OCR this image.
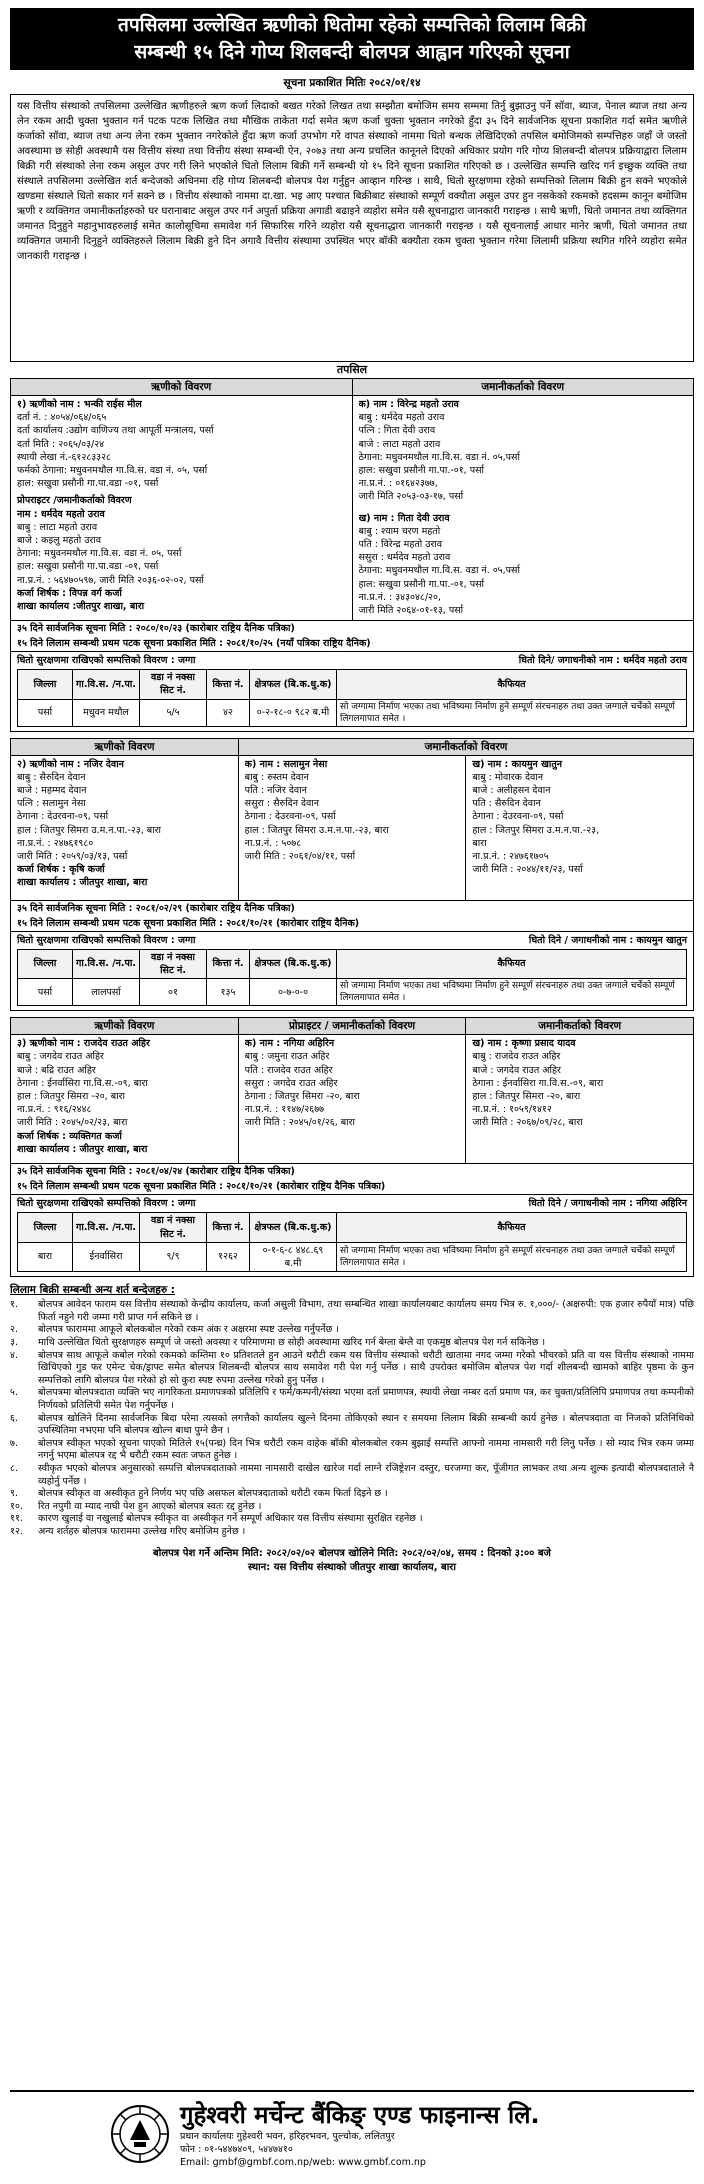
तपसिलमा उल्लेखित ऋणीको धितोमा रहेको सम्पत्तिको लिलाम बिक्री
सम्बन्धी १५ दिने गोप्य शिलबन्दी बोलपत्र आह्वान गरिएको सूचना
सूचना प्रकाशित मितिः २०८२/०१/१४
यस वित्तीय संस्थाको तपसिलमा उल्लेखित ऋणीहरुले ऋण कर्जा लिदाको बखत गरेको लिखत तथा सम्झौता बमोजिम समय सम्ममा तिर्नु बुझाउनु पर्ने सॉवा, ब्याज, पेनाल ब्याज तथा अन्य लेन रकम आदी चुक्ता भुक्तान गर्न पटक पटक लिखित तथा मौखिक ताकेता गर्दा समेत ऋण कर्जा चुक्ता भुक्तान नगरेको हुँदा ३५ दिने सार्वजनिक सूचना प्रकाशित गर्दा समेत ऋणीले कर्जाको सॉवा, ब्याज तथा अन्य लेना रकम भुक्तान नगरेकोले हुँदा ऋण कर्जा उपभोग गरे वापत संस्थाको नाममा धितो बन्धक लेखिदिएको तपसिल बमोजिमको सम्पत्तिहरु जहाँ जे जस्तो अवस्थामा छ सोही अवस्थामै यस वित्तीय संस्था तथा वित्तीय संस्था सम्बन्धी ऐन, २०७३ तथा अन्य प्रचलित कानूनले दिएको अधिकार प्रयोग गरि गोप्य शिलबन्दी बोलपत्र प्रक्रियाद्वारा लिलाम बिक्री गरी संस्थाको लेना रकम असुल उपर गरी लिने भएकोले धितो लिलाम बिक्री गर्ने सम्बन्धी यो १५ दिने सूचना प्रकाशित गरिएको छ । उल्लेखित सम्पत्ति खरिद गर्न इच्छुक व्यक्ति तथा संस्थाले तपसिलमा उल्लेखित शर्त बन्देजको अधिनमा रहि गोप्य शिलबन्दी बोलपत्र पेश गर्नुहुन आव्हान गरिन्छ । साथै, धितो सुरक्षणमा रहेको सम्पत्तिको लिलाम बिक्री हुन सक्ने भएकोले खण्डमा संस्थाले धितो सकार गर्न सक्ने छ । वित्तीय संस्थाको नाममा दा.खा. भइ आए पश्चात बिक्रीबाट संस्थाको सम्पूर्ण वक्यौता असुल उपर हुन नसकेको रकमको हदसम्म कानून बमोजिम ऋणी र व्यक्तिगत जमानीकर्ताहरुको घर घरानाबाट असुल उपर गर्न अपुर्ता प्रक्रिया अगाडी बढाइने व्यहोरा समेत यसै सूचनाद्वारा जानकारी गराइन्छ । साथै ऋणी, धितो जमानत तथा व्यक्तिगत जमानत दिनुहुने महानुभावहरुलाई समेत कालोसूचिमा समावेश गर्न सिफारिस गरिने व्यहोरा यसै सूचनाद्धारा जानकारी गराइन्छ । यसै सूचनालाई आधार मानेर ऋणी, धितो जमानत तथा व्यक्तिगत जमानी दिनुहुने व्यक्तिहरुले लिलाम बिक्री हुने दिन अगावै वित्तीय संस्थामा उपस्थित भएर बॉकी बक्यौता रकम चुक्ता भुक्तान गरेमा लिलामी प्रक्रिया स्थगित गरिने व्यहोरा समेत जानकारी गराइन्छ ।
तपसिल
ऋणीको विवरण	जमानीकर्ताको विवरण
१) ऋणीको नाम : भन्की राईस मील
दर्ता नं. : ४०५४/०६४/०६५
दर्ता कार्यालय :उद्योग वाणिज्य तथा आपूर्ती मन्त्रालय, पर्सा
दर्ता मिति : २०६५/०३/२४
स्थायी लेखा नं.-६१२८३३२८
फर्मको ठेगाना: मधुवनमथौल गा.वि.स. वडा नं. ०५, पर्सा
हाल: सखुवा प्रसौनी गा.पा.वडा -०१, पर्सा
प्रोपराइटर /जमानीकर्ताको विवरण
नाम : धर्मदेव महतो उराव
बाबु : लाटा महतो उराव
बाजे : कइलु महतो उराव
ठेगाना: मधुवनमथौल गा.वि.स. वडा नं. ०५, पर्सा
हाल: सखुवा प्रसौनी गा.पा.वडा -०१, पर्सा
ना.प्र.नं. : ५६४७०५९७, जारी मिति २०३६-०२-०२, पर्सा
कर्जा शिर्षक : विपन्न वर्ग कर्जा
शाखा कार्यालय :जीतपुर शाखा, बारा
क) नाम : विरेन्द्र महतो उराव
बाबु : धर्मदेव महतो उराव
पत्नि : गिता देवी उराव
बाजे : लाटा महतो उराव
ठेगाना: मधुवनमथौल गा.वि.स. वडा नं. ०५,पर्सा
हाल: सखुवा प्रसौनी गा.पा.-०१, पर्सा
ना.प्र.नं. : ०१६४२३७७,
जारी मिति २०५३-०३-१७, पर्सा
ख) नाम : गिता देवी उराव
बाबु : श्याम चरण महतो
पति : विरेन्द्र महतो उराव
ससुरा : धर्मदेव महतो उराव
ठेगाना: मधुवनमथौल गा.वि.स. वडा नं. ०५,पर्सा
हाल: सखुवा प्रसौनी गा.पा.-०१, पर्सा
ना.प्र.नं. : ३४३०४८/२०,
जारी मिति २०६४-०१-१३, पर्सा
३५ दिने सार्वजनिक सूचना मिति : २०८०/१०/२३ (कारोबार राष्ट्रिय दैनिक पत्रिका)
१५ दिने लिलाम सम्बन्धी प्रथम पटक सूचना प्रकाशित मिति : २०८१/१०/२५ (नयाँ पत्रिका राष्ट्रिय दैनिक)
धितो सुरक्षणमा राखिएको सम्पत्तिको विवरण : जग्गा	धितो दिने/ जगाधनीको नाम : धर्मदेव महतो उराव
जिल्ला	गा.वि.स. /न.पा.	वडा नं नक्सा सिट नं.	कित्ता नं.	क्षेत्रफल (बि.क.धु.क)	कैफियत
पर्सा	मधुवन मथौल	५/५	४२	०-२-१८-० ९८२ ब.मी	सो जग्गामा निर्माण भएका तथा भविष्यमा निर्माण हुने सम्पूर्ण संरचनाहरु तथा उक्त जग्गाले चर्चेको सम्पूर्ण लिगलगापात समेत ।
ऋणीको विवरण	जमानीकर्ताको विवरण
२) ऋणीको नाम : नजिर देवान
बाबु : सैरुदिन देवान
बाजे : महम्मद देवान
पत्नि : सलामुन नेसा
ठेगाना : देउरवना-०९, पर्सा
हाल : जितपुर सिमरा उ.म.न.पा.-२३, बारा
ना.प्र.नं. : २४७६१९८०
जारी मिति : २०५९/०३/१३, पर्सा
कर्जा शिर्षक : कृषि कर्जा
शाखा कार्यालय : जीतपुर शाखा, बारा
क) नाम : सलामुन नेसा
बाबु : रुस्तम देवान
पति : नजिर देवान
ससुरा : सैरुदिन देवान
ठेगाना : देउरवना-०९, पर्सा
हाल : जितपुर सिमरा उ.म.न.पा.-२३, बारा
ना.प्र.नं. : ५०७८
जारी मिति : २०६१/०४/११, पर्सा
ख) नाम : कायमुन खातुन
बाबु : मोवारक देवान
बाजे : अलीहसन देवान
पति : सैरुदिन देवान
ठेगाना : देउरवना-०९, पर्सा
हाल : जितपुर सिमरा उ.म.न.पा.-२३,
बारा
ना.प्र.नं. : २४७६१७०५
जारी मिति : २०४४/११/२३, पर्सा
३५ दिने सार्वजनिक सूचना मिति : २०८१/०२/२९ (कारोबार राष्ट्रिय दैनिक पत्रिका)
१५ दिने लिलाम सम्बन्धी प्रथम पटक सूचना प्रकाशित मिति : २०८१/१०/२१ (कारोबार राष्ट्रिय दैनिक)
धितो सुरक्षणमा राखिएको सम्पत्तिको विवरण : जग्गा	धितो दिने / जगाधनीको नाम : कायमुन खातुन
जिल्ला	गा.वि.स. /न.पा.	वडा नं नक्सा सिट नं.	कित्ता नं.	क्षेत्रफल (बि.क.धु.क)	कैफियत
पर्सा	लालपर्सा	०१	१३५	०-७-०-०	सो जग्गामा निर्माण भएका तथा भविष्यमा निर्माण हुने सम्पूर्ण संरचनाहरु तथा उक्त जग्गाले चर्चेको सम्पूर्ण लिगलगापात समेत ।
ऋणीको विवरण	प्रोप्राइटर / जमानीकर्ताको विवरण	जमानीकर्ताको विवरण
३) ऋणीको नाम : राजदेव राउत अहिर
बाबु : जगदेव राउत अहिर
बाजे : बद्रि राउत अहिर
ठेगाना : ईनर्वासिरा गा.वि.स.-०९, बारा
हाल : जितपुर सिमरा -२०, बारा
ना.प्र.नं. : ९१६/२४४८
जारी मिति : २०४५/०२/२३, बारा
कर्जा शिर्षक : व्यक्तिगत कर्जा
शाखा कार्यालय : जीतपुर शाखा, बारा
क) नाम : नगिया अहिरिन
बाबु : जमुना राउत अहिर
पति : राजदेव राउत अहिर
ससुरा : जगदेव राउत अहिर
ठेगाना : जितपुर सिमरा -२०, बारा
ना.प्र.नं. : ११४७/२६७७
जारी मिति : २०४५/०१/२६, बारा
ख) नाम : कृष्णा प्रसाद यादव
बाबु : राजदेव राउत अहिर
बाजे : जगदेव राउत अहिर
ठेगाना : ईनर्वासिरा गा.वि.स.-०९, बारा
हाल : जितपुर सिमरा -२०, बारा
ना.प्र.नं. : १०५९/१४१२
जारी मिति : २०६७/०९/२८, बारा
३५ दिने सार्वजनिक सूचना मिति : २०८१/०४/२४ (कारोबार राष्ट्रिय दैनिक पत्रिका)
१५ दिने लिलाम सम्बन्धी प्रथम पटक सूचना प्रकाशित मिति : २०८१/१०/२१ (कारोबार राष्ट्रिय दैनिक पत्रिका)
धितो सुरक्षणमा राखिएको सम्पत्तिको विवरण : जग्गा	धितो दिने / जगाधनीको नाम : नगिया अहिरिन
जिल्ला	गा.वि.स. /न.पा.	वडा नं नक्सा सिट नं.	कित्ता नं.	क्षेत्रफल (बि.क.धु.क)	कैफियत
बारा	ईनर्वासिरा	९/९	१२६२	०-१-६-८ ४४८.६९ ब.मी	सो जग्गामा निर्माण भएका तथा भविष्यमा निर्माण हुने सम्पूर्ण संरचनाहरु तथा उक्त जग्गाले चर्चेको सम्पूर्ण लिगलगापात समेत ।
लिलाम बिक्री सम्बन्धी अन्य शर्त बन्देजहरु :
१.	बोलपत्र आवेदन फाराम यस वित्तीय संस्थाको केन्द्रीय कार्यालय, कर्जा असुली विभाग, तथा सम्बन्धित शाखा कार्यालयबाट कार्यालय समय भित्र रु. १,०००/- (अक्षरुपी: एक हजार रुपैयाँ मात्र) पछि फिर्ता नहुने गरी जम्मा गरी प्राप्त गर्न सकिने छ ।
२.	बोलपत्र फाराममा आफूले बोलकबोल गरेको रकम अंक र अक्षरमा स्पष्ट उल्लेख गर्नुपर्नेछ ।
३.	माथि उल्लेखित धितो सुरक्षणहरु सम्पूर्ण जे जस्तो अवस्था र परिमाणमा छ सोही अवस्थामा खरिद गर्न बेग्ला बेग्लै वा एकमुष्ठ बोलपत्र पेश गर्न सकिनेछ ।
४.	बोलपत्र साथ आफूले कबोल गरेको रकमको कम्तिमा १० प्रतिशतले हुन आउने धरौटी रकम यस वित्तीय संस्थाको धरौटी खातामा नगद जम्मा गरेको भौचरको प्रति वा यस वित्तीय संस्थाको नाममा खिचिएको गुड फर एमेन्ट चेक/ड्राफ्ट समेत बोलपत्र शिलबन्दी बोलपत्र साथ समावेश गरी पेश गर्नु पर्नेछ । साथै उपरोक्त बमोजिम बोलपत्र पेश गर्दा शीलबन्दी खामको बाहिर पृष्ठमा के कुन सम्पत्तिको लागि बोलपत्र पेश गरेको हो सो कुरा स्पष्ट रुपमा उल्लेख गरेको हुनु पर्नेछ ।
५.	बोलपत्रमा बोलपत्रदाता व्यक्ति भए नागरिकता प्रमाणपत्रको प्रतिलिपि र फर्म/कम्पनी/संस्था भएमा दर्ता प्रमाणपत्र, स्थायी लेखा नम्बर दर्ता प्रमाण पत्र, कर चुक्ता/प्रतिलिपि प्रमाणपत्र तथा कम्पनीको निर्णयको प्रतिलिपी समेत पेश गर्नुपर्नेछ ।
६.	बोलपत्र खोलिने दिनमा सार्वजनिक बिदा परेमा त्यसको लगत्तैको कार्यालय खुल्ने दिनमा तोकिएको स्थान र समयमा लिलाम बिक्री सम्बन्धी कार्य हुनेछ । बोलपत्रदाता वा निजको प्रतिनिधिको उपस्थितिमा नभएमा पनि बोलपत्र खोल्न बाधा पुग्ने छैन ।
७.	बोलपत्र स्वीकृत भएको सूचना पाएको मितिले १५(पन्ध्र) दिन भित्र धरौटी रकम वाहेक बाँकी बोलकबोल रकम बुझाई सम्पत्ति आफ्नो नाममा नामसारी गरी लिनु पर्नेछ । सो म्याद भित्र रकम जम्मा नगर्नु भएमा बोलपत्र रद्द भै धरौटी रकम स्वतः जफत हुनेछ ।
८.	स्वीकृत भएको बोलपत्र अनुसारको सम्पत्ति बोलपत्रदाताको नाममा नामसारी दाखेल खारेज गर्दा लाग्ने रजिष्ट्रेशन दस्तुर, घरजग्गा कर, पूँजीगत लाभकर तथा अन्य शुल्क इत्यादी बोलपत्रदाताले नै व्यहोर्नु पर्नेछ ।
९.	बोलपत्र स्वीकृत वा अस्वीकृत हुने निर्णय भए पछि असफल बोलपत्रदाताको धरौटी रकम फिर्ता दिइने छ ।
१०.	रित नपुगी वा म्याद नाघी पेश हुन आएको बोलपत्र स्वतः रद्द हुनेछ ।
११.	कारण खुलाई वा नखुलाई बोलपत्र स्वीकृत वा अस्वीकृत गर्ने सम्पूर्ण अधिकार यस वित्तीय संस्थामा सुरक्षित रहनेछ ।
१२.	अन्य शर्तहरु बोलपत्र फाराममा उल्लेख गरिए बमोजिम हुनेछ ।
बोलपत्र पेश गर्ने अन्तिम मिति: २०८२/०२/०२ बोलपत्र खोलिने मिति: २०८२/०२/०४, समय : दिनको ३:०० बजे
स्थान: यस वित्तीय संस्थाको जीतपुर शाखा कार्यालय, बारा
गुहेश्वरी मर्चेन्ट बैंकिङ् एण्ड फाइनान्स लि.
प्रधान कार्यालयः गुहेश्वरी भवन, हरिहरभवन, पुल्चोक, ललितपुर
फोन : ०१-५४४७४०९, ५४४७४१०
Email: gmbf@gmbf.com.np/web: www.gmbf.com.np
